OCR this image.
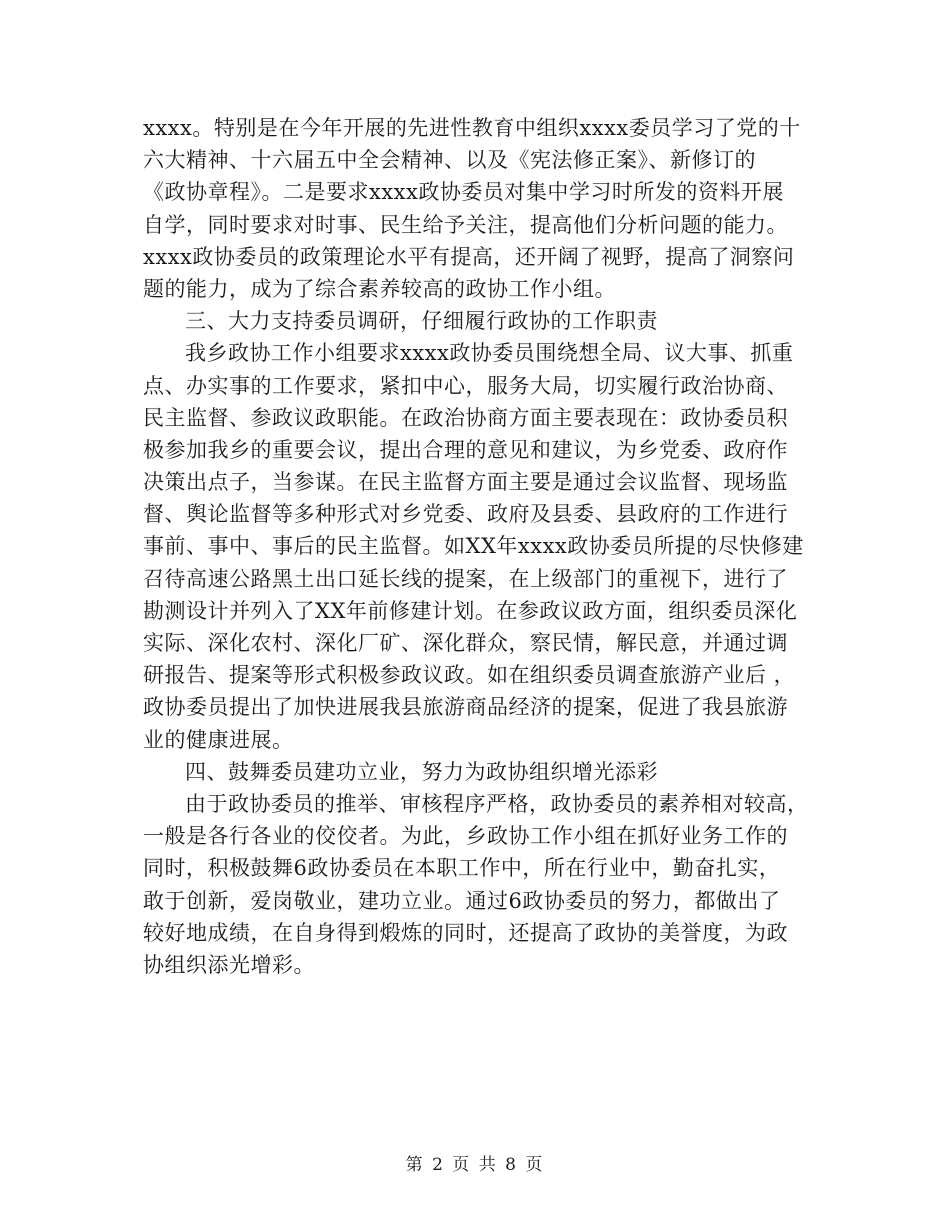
xxxx。特别是在今年开展的先进性教育中组织xxxx委员学习了党的十
六大精神、十六届五中全会精神、以及《宪法修正案》、新修订的
《政协章程》。二是要求xxxx政协委员对集中学习时所发的资料开展
自学，同时要求对时事、民生给予关注，提高他们分析问题的能力。
xxxx政协委员的政策理论水平有提高，还开阔了视野，提高了洞察问
题的能力，成为了综合素养较高的政协工作小组。
三、大力支持委员调研，仔细履行政协的工作职责
我乡政协工作小组要求xxxx政协委员围绕想全局、议大事、抓重
点、办实事的工作要求，紧扣中心，服务大局，切实履行政治协商、
民主监督、参政议政职能。在政治协商方面主要表现在：政协委员积
极参加我乡的重要会议，提出合理的意见和建议，为乡党委、政府作
决策出点子，当参谋。在民主监督方面主要是通过会议监督、现场监
督、舆论监督等多种形式对乡党委、政府及县委、县政府的工作进行
事前、事中、事后的民主监督。如XX年xxxx政协委员所提的尽快修建
召待高速公路黑土出口延长线的提案，在上级部门的重视下，进行了
勘测设计并列入了XX年前修建计划。在参政议政方面，组织委员深化
实际、深化农村、深化厂矿、深化群众，察民情，解民意，并通过调
研报告、提案等形式积极参政议政。如在组织委员调查旅游产业后 ，
政协委员提出了加快进展我县旅游商品经济的提案，促进了我县旅游
业的健康进展。
四、鼓舞委员建功立业，努力为政协组织增光添彩
由于政协委员的推举、审核程序严格，政协委员的素养相对较高，
一般是各行各业的佼佼者。为此，乡政协工作小组在抓好业务工作的
同时，积极鼓舞6政协委员在本职工作中，所在行业中，勤奋扎实，
敢于创新，爱岗敬业，建功立业。通过6政协委员的努力，都做出了
较好地成绩，在自身得到煅炼的同时，还提高了政协的美誉度，为政
协组织添光增彩。
第 2 页 共 8 页
